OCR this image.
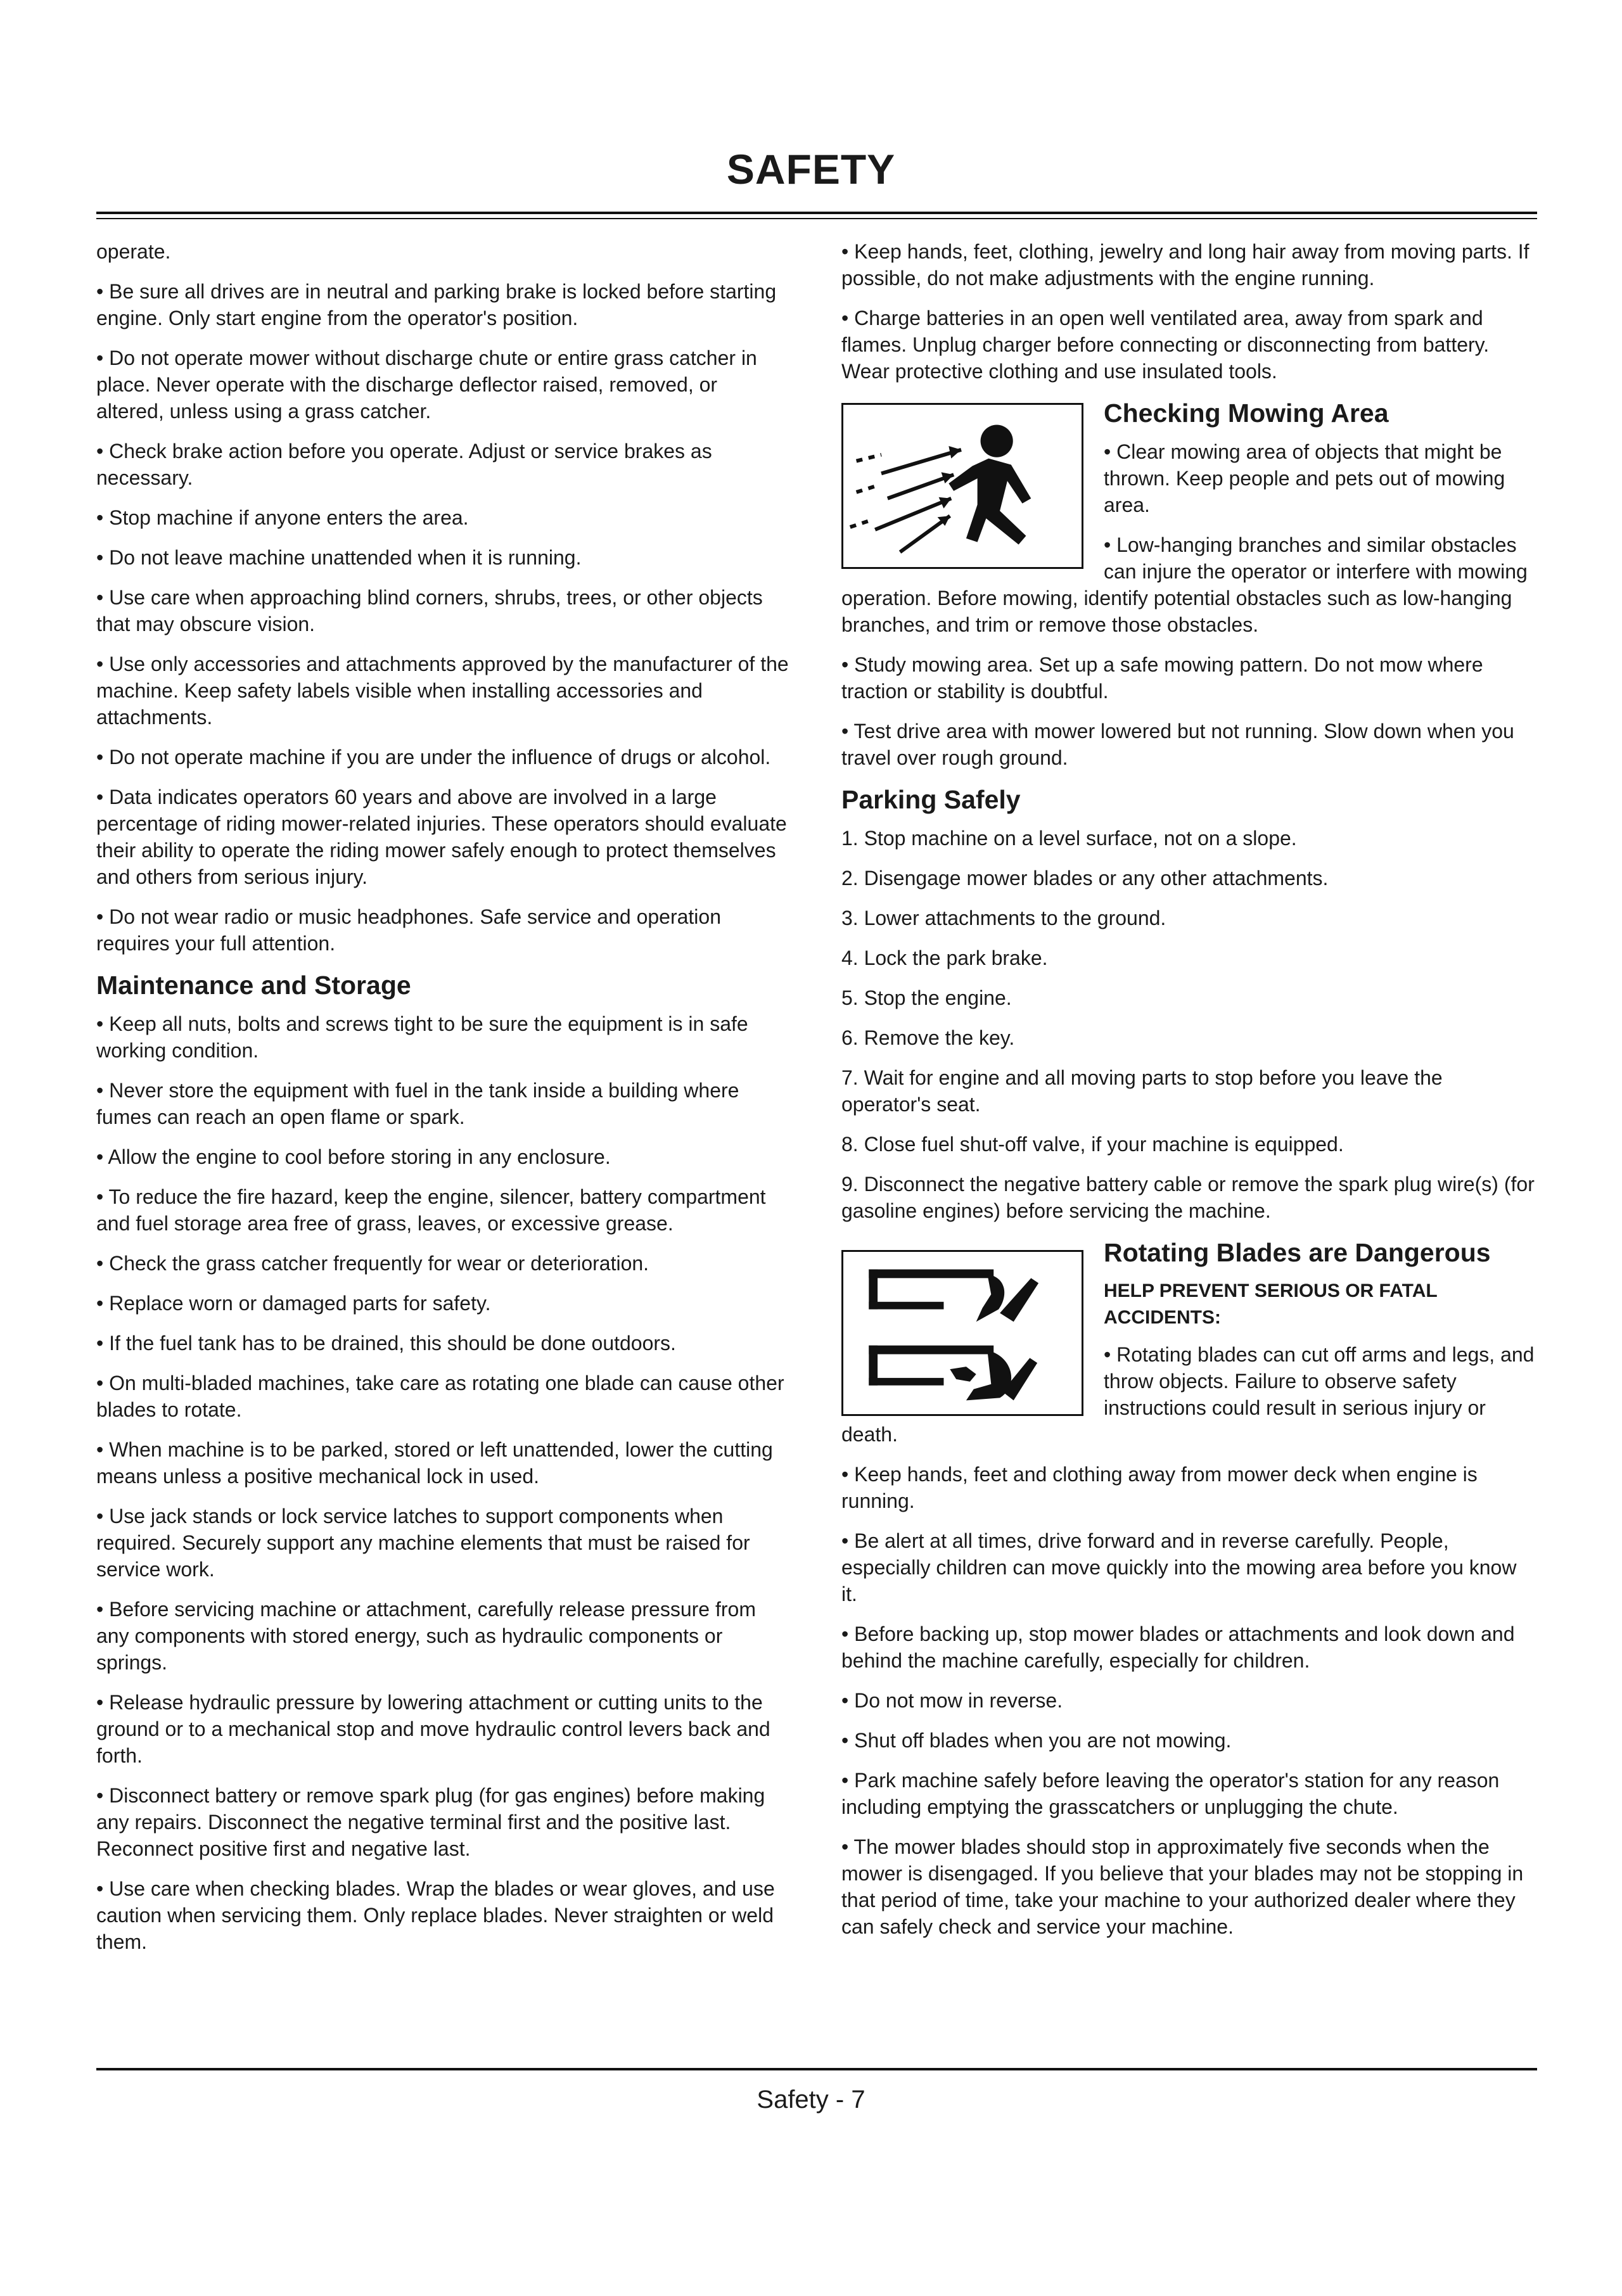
SAFETY

operate.

• Be sure all drives are in neutral and parking brake is locked before starting engine. Only start engine from the operator's position.

• Do not operate mower without discharge chute or entire grass catcher in place. Never operate with the discharge deflector raised, removed, or altered, unless using a grass catcher.

• Check brake action before you operate. Adjust or service brakes as necessary.

• Stop machine if anyone enters the area.

• Do not leave machine unattended when it is running.

• Use care when approaching blind corners, shrubs, trees, or other objects that may obscure vision.

• Use only accessories and attachments approved by the manufacturer of the machine. Keep safety labels visible when installing accessories and attachments.

• Do not operate machine if you are under the influence of drugs or alcohol.

• Data indicates operators 60 years and above are involved in a large percentage of riding mower-related injuries. These operators should evaluate their ability to operate the riding mower safely enough to protect themselves and others from serious injury.

• Do not wear radio or music headphones. Safe service and operation requires your full attention.

Maintenance and Storage

• Keep all nuts, bolts and screws tight to be sure the equipment is in safe working condition.

• Never store the equipment with fuel in the tank inside a building where fumes can reach an open flame or spark.

• Allow the engine to cool before storing in any enclosure.

• To reduce the fire hazard, keep the engine, silencer, battery compartment and fuel storage area free of grass, leaves, or excessive grease.

• Check the grass catcher frequently for wear or deterioration.

• Replace worn or damaged parts for safety.

• If the fuel tank has to be drained, this should be done outdoors.

• On multi-bladed machines, take care as rotating one blade can cause other blades to rotate.

• When machine is to be parked, stored or left unattended, lower the cutting means unless a positive mechanical lock in used.

• Use jack stands or lock service latches to support components when required. Securely support any machine elements that must be raised for service work.

• Before servicing machine or attachment, carefully release pressure from any components with stored energy, such as hydraulic components or springs.

• Release hydraulic pressure by lowering attachment or cutting units to the ground or to a mechanical stop and move hydraulic control levers back and forth.

• Disconnect battery or remove spark plug (for gas engines) before making any repairs. Disconnect the negative terminal first and the positive last. Reconnect positive first and negative last.

• Use care when checking blades. Wrap the blades or wear gloves, and use caution when servicing them. Only replace blades. Never straighten or weld them.

• Keep hands, feet, clothing, jewelry and long hair away from moving parts. If possible, do not make adjustments with the engine running.

• Charge batteries in an open well ventilated area, away from spark and flames. Unplug charger before connecting or disconnecting from battery. Wear protective clothing and use insulated tools.

Checking Mowing Area

• Clear mowing area of objects that might be thrown. Keep people and pets out of mowing area.

• Low-hanging branches and similar obstacles can injure the operator or interfere with mowing operation. Before mowing, identify potential obstacles such as low-hanging branches, and trim or remove those obstacles.

• Study mowing area. Set up a safe mowing pattern. Do not mow where traction or stability is doubtful.

• Test drive area with mower lowered but not running. Slow down when you travel over rough ground.

Parking Safely

1. Stop machine on a level surface, not on a slope.

2. Disengage mower blades or any other attachments.

3. Lower attachments to the ground.

4. Lock the park brake.

5. Stop the engine.

6. Remove the key.

7. Wait for engine and all moving parts to stop before you leave the operator's seat.

8. Close fuel shut-off valve, if your machine is equipped.

9. Disconnect the negative battery cable or remove the spark plug wire(s) (for gasoline engines) before servicing the machine.

Rotating Blades are Dangerous
HELP PREVENT SERIOUS OR FATAL ACCIDENTS:

• Rotating blades can cut off arms and legs, and throw objects. Failure to observe safety instructions could result in serious injury or death.

• Keep hands, feet and clothing away from mower deck when engine is running.

• Be alert at all times, drive forward and in reverse carefully. People, especially children can move quickly into the mowing area before you know it.

• Before backing up, stop mower blades or attachments and look down and behind the machine carefully, especially for children.

• Do not mow in reverse.

• Shut off blades when you are not mowing.

• Park machine safely before leaving the operator's station for any reason including emptying the grasscatchers or unplugging the chute.

• The mower blades should stop in approximately five seconds when the mower is disengaged. If you believe that your blades may not be stopping in that period of time, take your machine to your authorized dealer where they can safely check and service your machine.

Safety - 7
